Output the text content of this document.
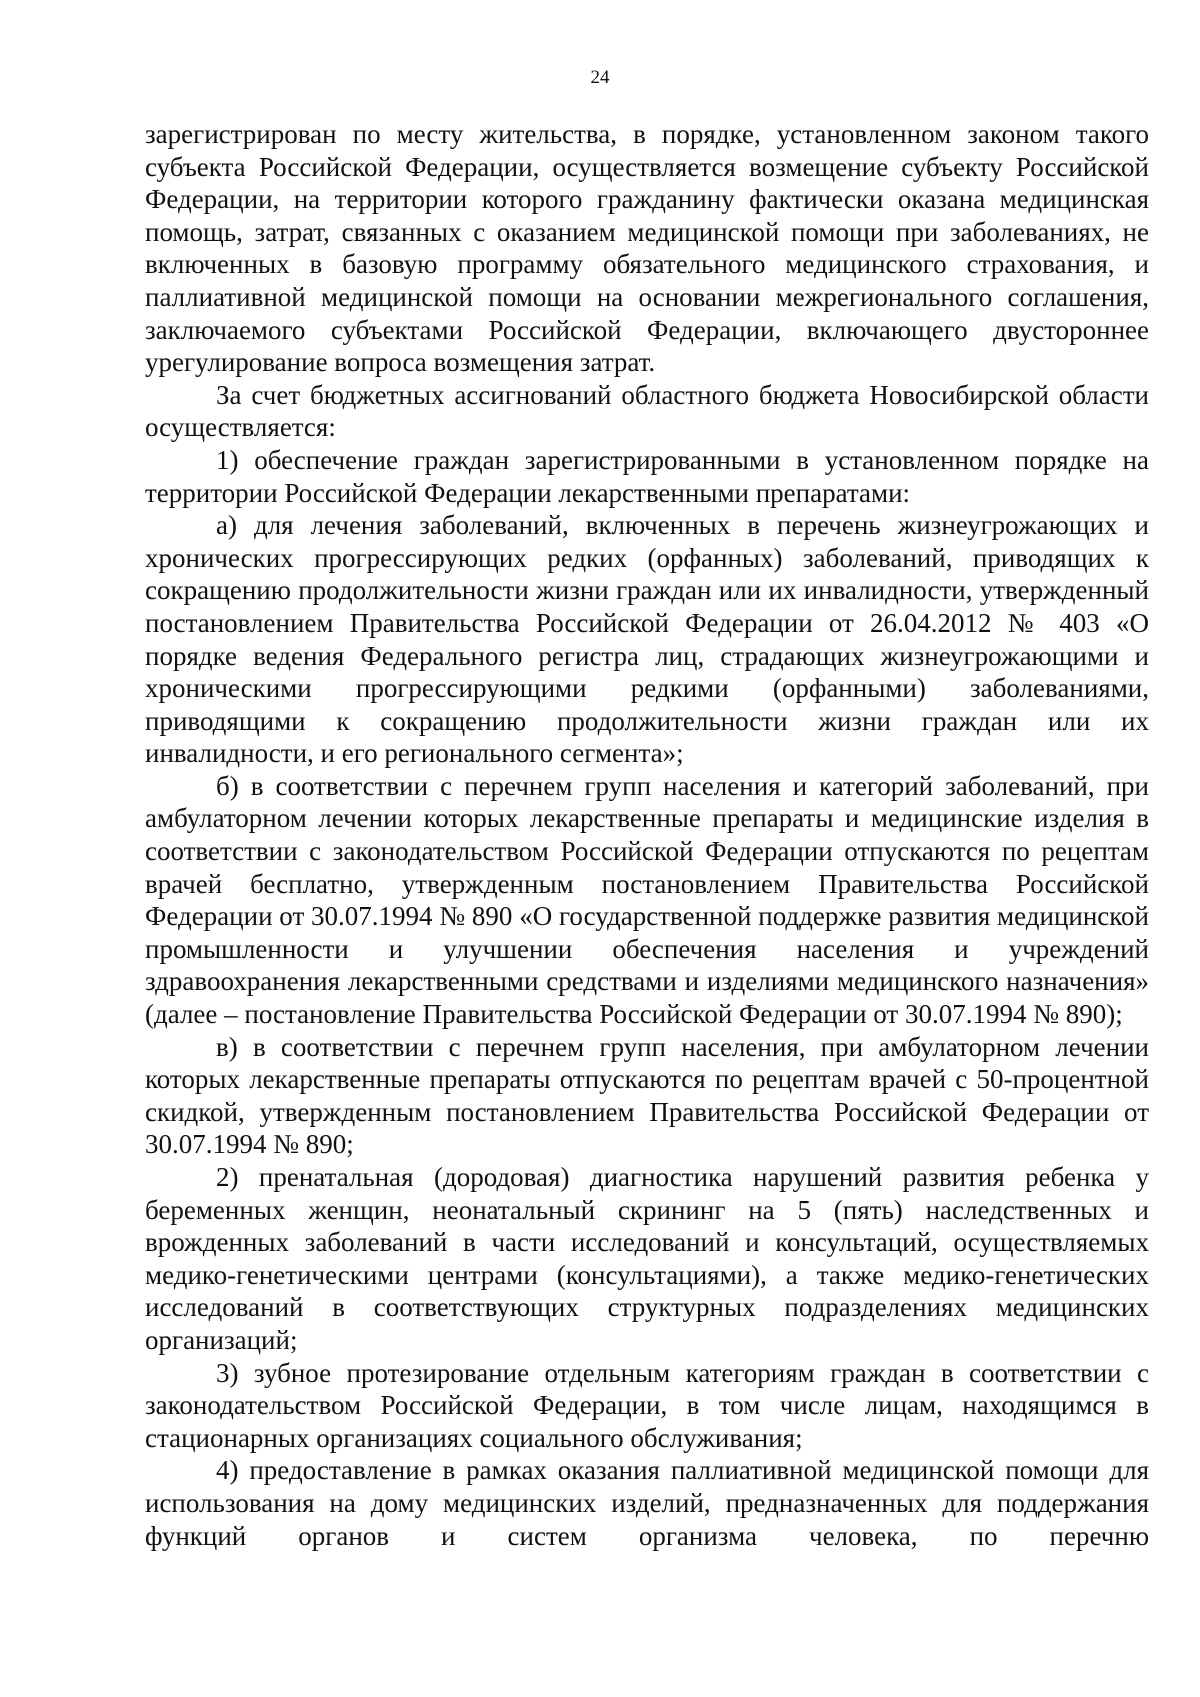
24

зарегистрирован по месту жительства, в порядке, установленном законом такого субъекта Российской Федерации, осуществляется возмещение субъекту Российской Федерации, на территории которого гражданину фактически оказана медицинская помощь, затрат, связанных с оказанием медицинской помощи при заболеваниях, не включенных в базовую программу обязательного медицинского страхования, и паллиативной медицинской помощи на основании межрегионального соглашения, заключаемого субъектами Российской Федерации, включающего двустороннее урегулирование вопроса возмещения затрат.

За счет бюджетных ассигнований областного бюджета Новосибирской области осуществляется:

1) обеспечение граждан зарегистрированными в установленном порядке на территории Российской Федерации лекарственными препаратами:

а) для лечения заболеваний, включенных в перечень жизнеугрожающих и хронических прогрессирующих редких (орфанных) заболеваний, приводящих к сокращению продолжительности жизни граждан или их инвалидности, утвержденный постановлением Правительства Российской Федерации от 26.04.2012 № 403 «О порядке ведения Федерального регистра лиц, страдающих жизнеугрожающими и хроническими прогрессирующими редкими (орфанными) заболеваниями, приводящими к сокращению продолжительности жизни граждан или их инвалидности, и его регионального сегмента»;

б) в соответствии с перечнем групп населения и категорий заболеваний, при амбулаторном лечении которых лекарственные препараты и медицинские изделия в соответствии с законодательством Российской Федерации отпускаются по рецептам врачей бесплатно, утвержденным постановлением Правительства Российской Федерации от 30.07.1994 № 890 «О государственной поддержке развития медицинской промышленности и улучшении обеспечения населения и учреждений здравоохранения лекарственными средствами и изделиями медицинского назначения» (далее – постановление Правительства Российской Федерации от 30.07.1994 № 890);

в) в соответствии с перечнем групп населения, при амбулаторном лечении которых лекарственные препараты отпускаются по рецептам врачей с 50-процентной скидкой, утвержденным постановлением Правительства Российской Федерации от 30.07.1994 № 890;

2) пренатальная (дородовая) диагностика нарушений развития ребенка у беременных женщин, неонатальный скрининг на 5 (пять) наследственных и врожденных заболеваний в части исследований и консультаций, осуществляемых медико-генетическими центрами (консультациями), а также медико-генетических исследований в соответствующих структурных подразделениях медицинских организаций;

3) зубное протезирование отдельным категориям граждан в соответствии с законодательством Российской Федерации, в том числе лицам, находящимся в стационарных организациях социального обслуживания;

4) предоставление в рамках оказания паллиативной медицинской помощи для использования на дому медицинских изделий, предназначенных для поддержания функций органов и систем организма человека, по перечню
